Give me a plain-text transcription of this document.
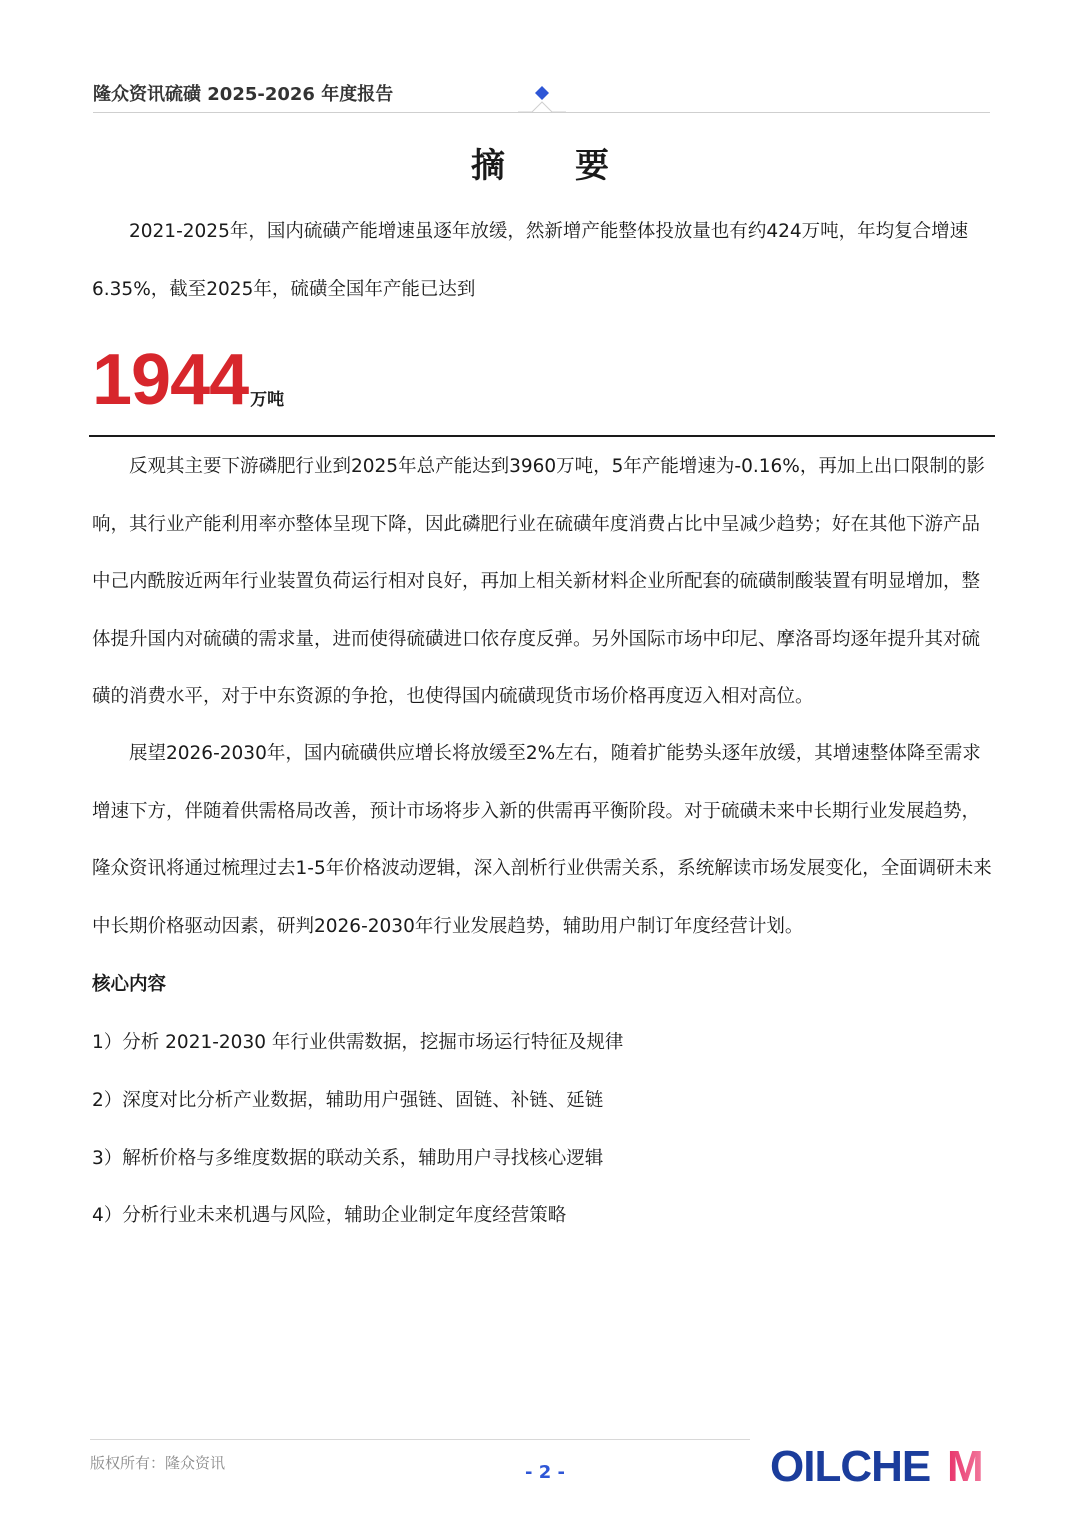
隆众资讯硫磺 2025-2026 年度报告
摘 要

2021-2025年，国内硫磺产能增速虽逐年放缓，然新增产能整体投放量也有约424万吨，年均复合增速6.35%，截至2025年，硫磺全国年产能已达到

1944 万吨

反观其主要下游磷肥行业到2025年总产能达到3960万吨，5年产能增速为-0.16%，再加上出口限制的影响，其行业产能利用率亦整体呈现下降，因此磷肥行业在硫磺年度消费占比中呈减少趋势；好在其他下游产品中己内酰胺近两年行业装置负荷运行相对良好，再加上相关新材料企业所配套的硫磺制酸装置有明显增加，整体提升国内对硫磺的需求量，进而使得硫磺进口依存度反弹。另外国际市场中印尼、摩洛哥均逐年提升其对硫磺的消费水平，对于中东资源的争抢，也使得国内硫磺现货市场价格再度迈入相对高位。

展望2026-2030年，国内硫磺供应增长将放缓至2%左右，随着扩能势头逐年放缓，其增速整体降至需求增速下方，伴随着供需格局改善，预计市场将步入新的供需再平衡阶段。对于硫磺未来中长期行业发展趋势，隆众资讯将通过梳理过去1-5年价格波动逻辑，深入剖析行业供需关系，系统解读市场发展变化，全面调研未来中长期价格驱动因素，研判2026-2030年行业发展趋势，辅助用户制订年度经营计划。

核心内容
1）分析 2021-2030 年行业供需数据，挖掘市场运行特征及规律
2）深度对比分析产业数据，辅助用户强链、固链、补链、延链
3）解析价格与多维度数据的联动关系，辅助用户寻找核心逻辑
4）分析行业未来机遇与风险，辅助企业制定年度经营策略
版权所有：隆众资讯	- 2 -	OILCHE M
